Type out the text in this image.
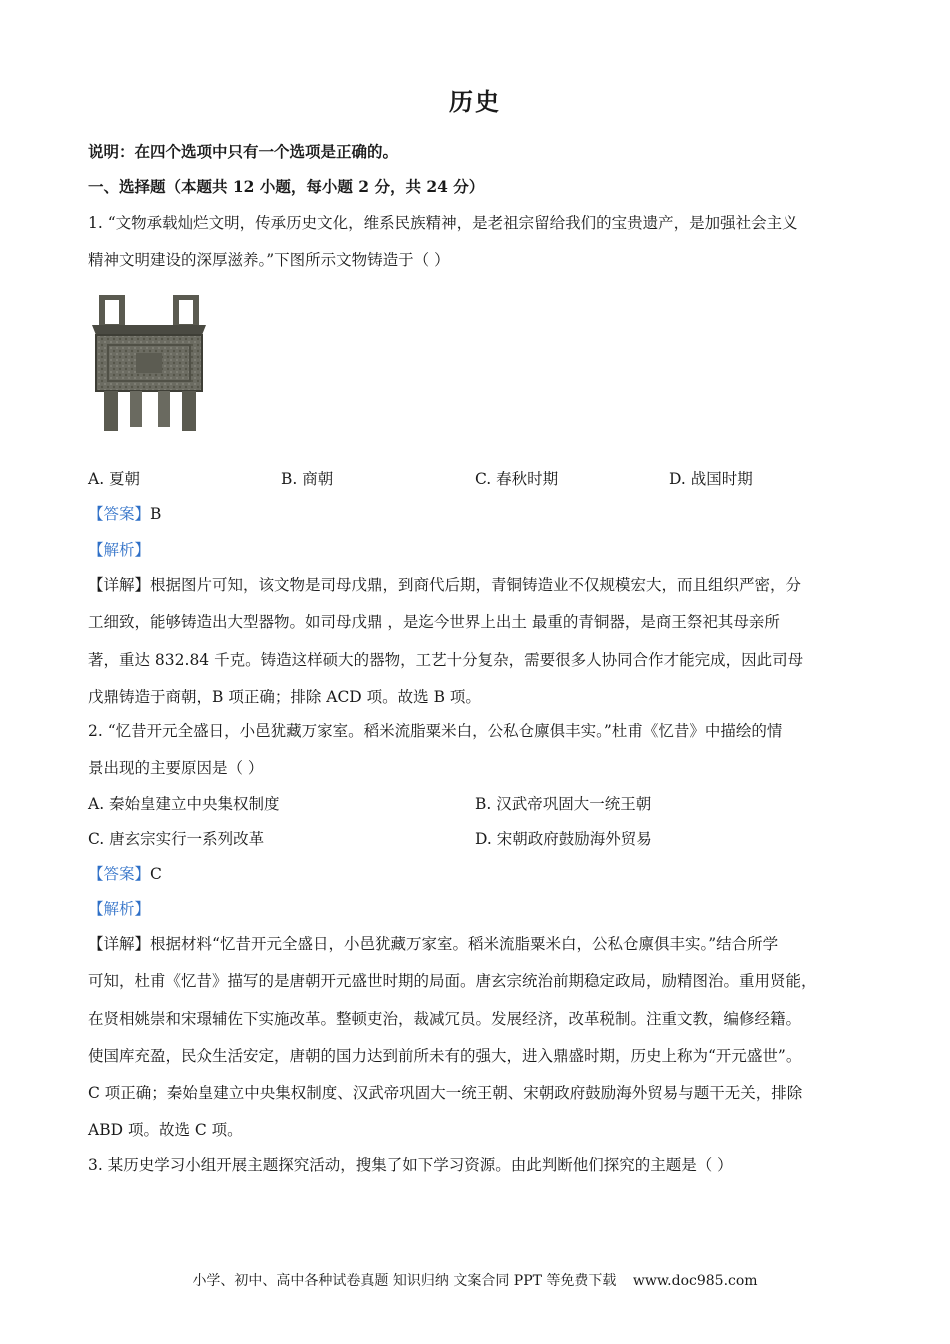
历史
说明：在四个选项中只有一个选项是正确的。
一、选择题（本题共 12 小题，每小题 2 分，共 24 分）
1. “文物承载灿烂文明，传承历史文化，维系民族精神，是老祖宗留给我们的宝贵遗产，是加强社会主义
精神文明建设的深厚滋养。”下图所示文物铸造于（ ）
A. 夏朝	B. 商朝	C. 春秋时期	D. 战国时期
【答案】B
【解析】
【详解】根据图片可知，该文物是司母戊鼎，到商代后期，青铜铸造业不仅规模宏大，而且组织严密，分
工细致，能够铸造出大型器物。如司母戊鼎 ，是迄今世界上出土 最重的青铜器，是商王祭祀其母亲所
著，重达 832.84 千克。铸造这样硕大的器物，工艺十分复杂，需要很多人协同合作才能完成，因此司母
戊鼎铸造于商朝，B 项正确；排除 ACD 项。故选 B 项。
2. “忆昔开元全盛日，小邑犹藏万家室。稻米流脂粟米白，公私仓廪俱丰实。”杜甫《忆昔》中描绘的情
景出现的主要原因是（ ）
A. 秦始皇建立中央集权制度	B. 汉武帝巩固大一统王朝
C. 唐玄宗实行一系列改革	D. 宋朝政府鼓励海外贸易
【答案】C
【解析】
【详解】根据材料“忆昔开元全盛日，小邑犹藏万家室。稻米流脂粟米白，公私仓廪俱丰实。”结合所学
可知，杜甫《忆昔》描写的是唐朝开元盛世时期的局面。唐玄宗统治前期稳定政局，励精图治。重用贤能，
在贤相姚崇和宋璟辅佐下实施改革。整顿吏治，裁减冗员。发展经济，改革税制。注重文教，编修经籍。
使国库充盈，民众生活安定，唐朝的国力达到前所未有的强大，进入鼎盛时期，历史上称为“开元盛世”。
C 项正确；秦始皇建立中央集权制度、汉武帝巩固大一统王朝、宋朝政府鼓励海外贸易与题干无关，排除
ABD 项。故选 C 项。
3. 某历史学习小组开展主题探究活动，搜集了如下学习资源。由此判断他们探究的主题是（ ）
小学、初中、高中各种试卷真题 知识归纳 文案合同 PPT 等免费下载 www.doc985.com
